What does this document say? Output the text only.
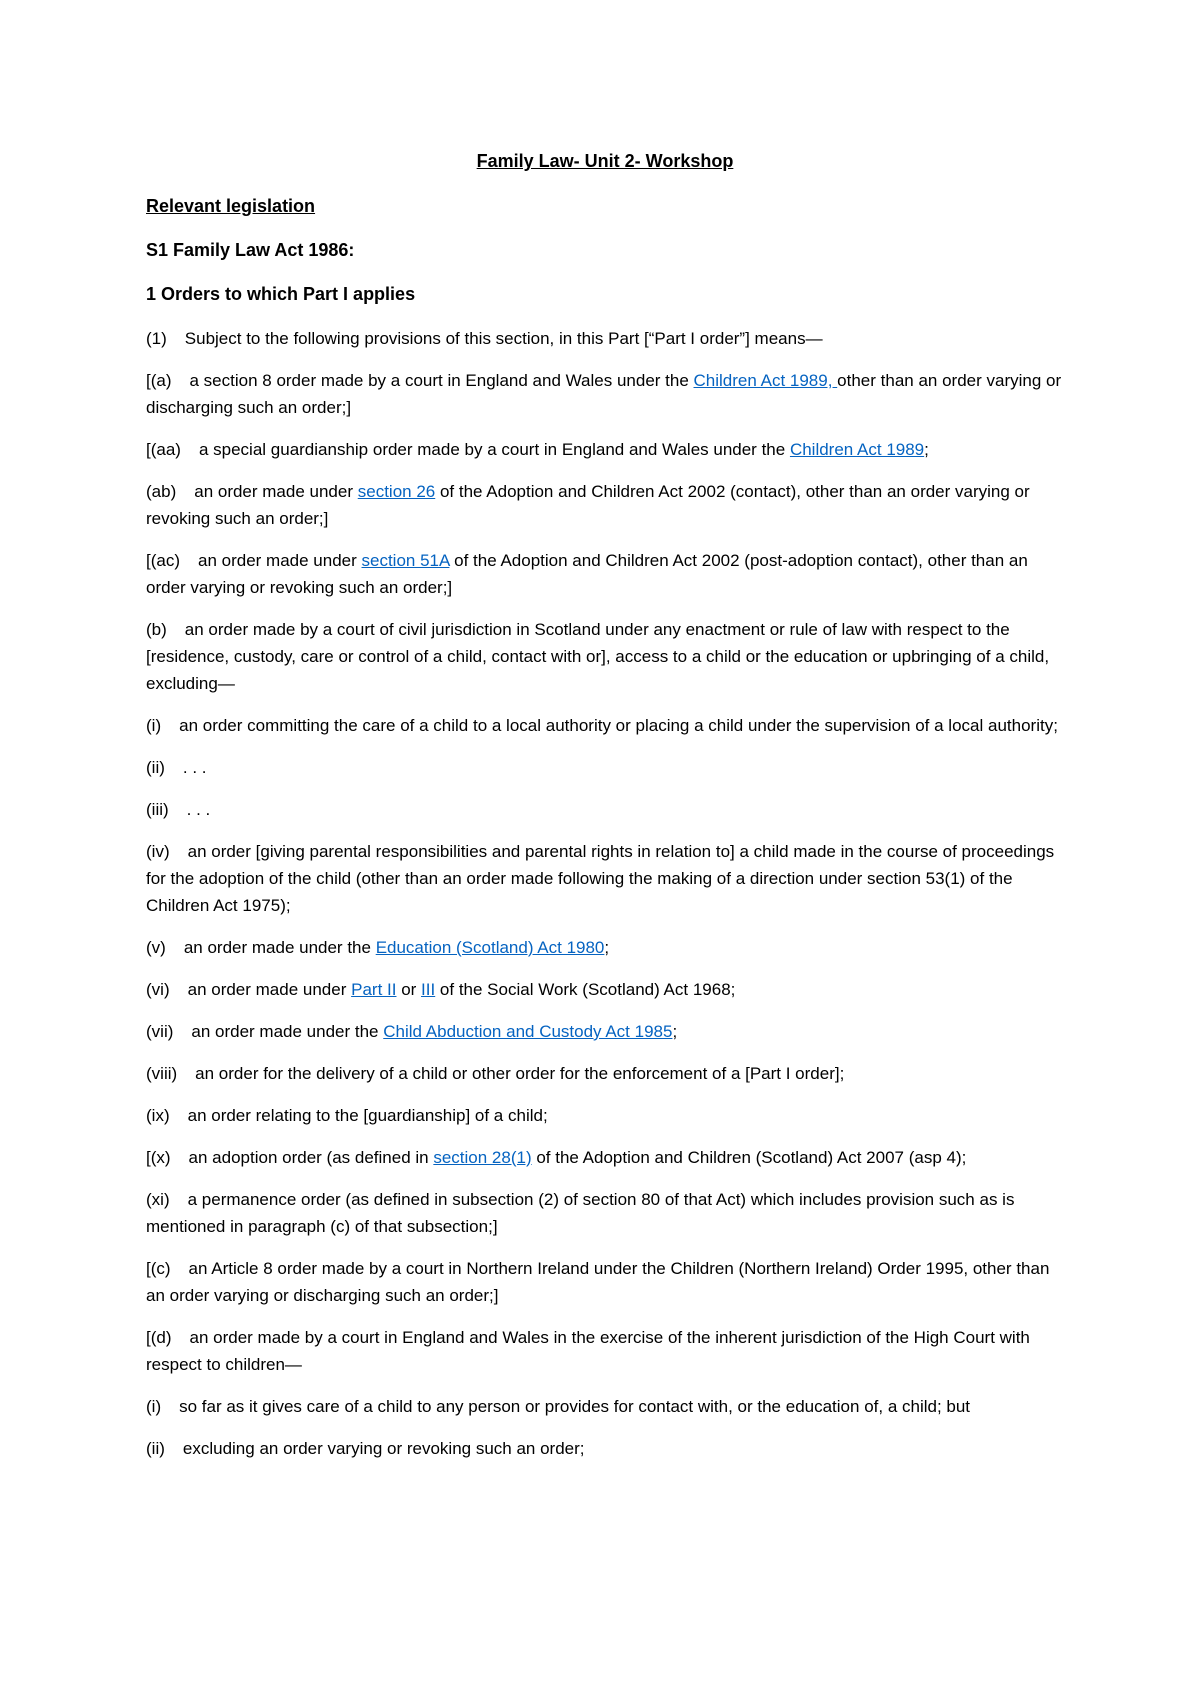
Family Law- Unit 2- Workshop

Relevant legislation

S1 Family Law Act 1986:

1 Orders to which Part I applies

(1) Subject to the following provisions of this section, in this Part [“Part I order”] means—

[(a) a section 8 order made by a court in England and Wales under the Children Act 1989, other than an order varying or discharging such an order;]

[(aa) a special guardianship order made by a court in England and Wales under the Children Act 1989;

(ab) an order made under section 26 of the Adoption and Children Act 2002 (contact), other than an order varying or revoking such an order;]

[(ac) an order made under section 51A of the Adoption and Children Act 2002 (post-adoption contact), other than an order varying or revoking such an order;]

(b) an order made by a court of civil jurisdiction in Scotland under any enactment or rule of law with respect to the [residence, custody, care or control of a child, contact with or], access to a child or the education or upbringing of a child, excluding—

(i) an order committing the care of a child to a local authority or placing a child under the supervision of a local authority;

(ii) . . .

(iii) . . .

(iv) an order [giving parental responsibilities and parental rights in relation to] a child made in the course of proceedings for the adoption of the child (other than an order made following the making of a direction under section 53(1) of the Children Act 1975);

(v) an order made under the Education (Scotland) Act 1980;

(vi) an order made under Part II or III of the Social Work (Scotland) Act 1968;

(vii) an order made under the Child Abduction and Custody Act 1985;

(viii) an order for the delivery of a child or other order for the enforcement of a [Part I order];

(ix) an order relating to the [guardianship] of a child;

[(x) an adoption order (as defined in section 28(1) of the Adoption and Children (Scotland) Act 2007 (asp 4);

(xi) a permanence order (as defined in subsection (2) of section 80 of that Act) which includes provision such as is mentioned in paragraph (c) of that subsection;]

[(c) an Article 8 order made by a court in Northern Ireland under the Children (Northern Ireland) Order 1995, other than an order varying or discharging such an order;]

[(d) an order made by a court in England and Wales in the exercise of the inherent jurisdiction of the High Court with respect to children—

(i) so far as it gives care of a child to any person or provides for contact with, or the education of, a child; but

(ii) excluding an order varying or revoking such an order;
